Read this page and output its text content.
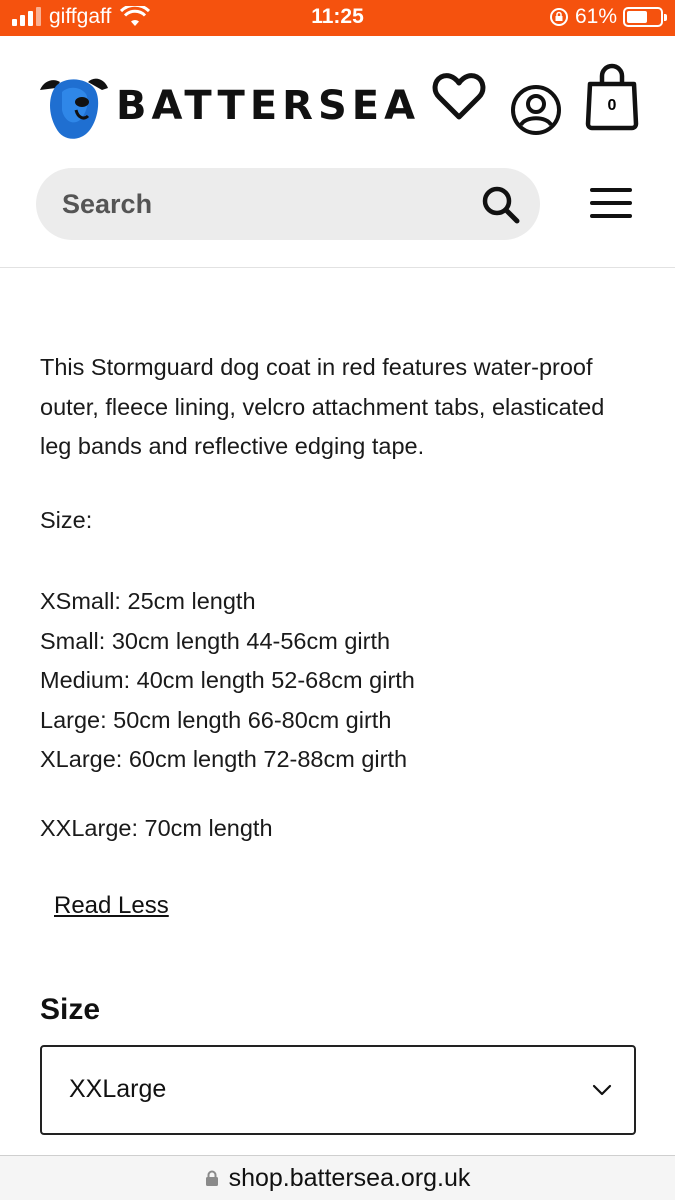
giffgaff	11:25	61%
BATTERSEA	0
Search

This Stormguard dog coat in red features water-proof outer, fleece lining, velcro attachment tabs, elasticated leg bands and reflective edging tape.

Size:
XSmall: 25cm length
Small: 30cm length 44-56cm girth
Medium: 40cm length 52-68cm girth
Large: 50cm length 66-80cm girth
XLarge: 60cm length 72-88cm girth
XXLarge: 70cm length
Read Less
Size
XXLarge
shop.battersea.org.uk
